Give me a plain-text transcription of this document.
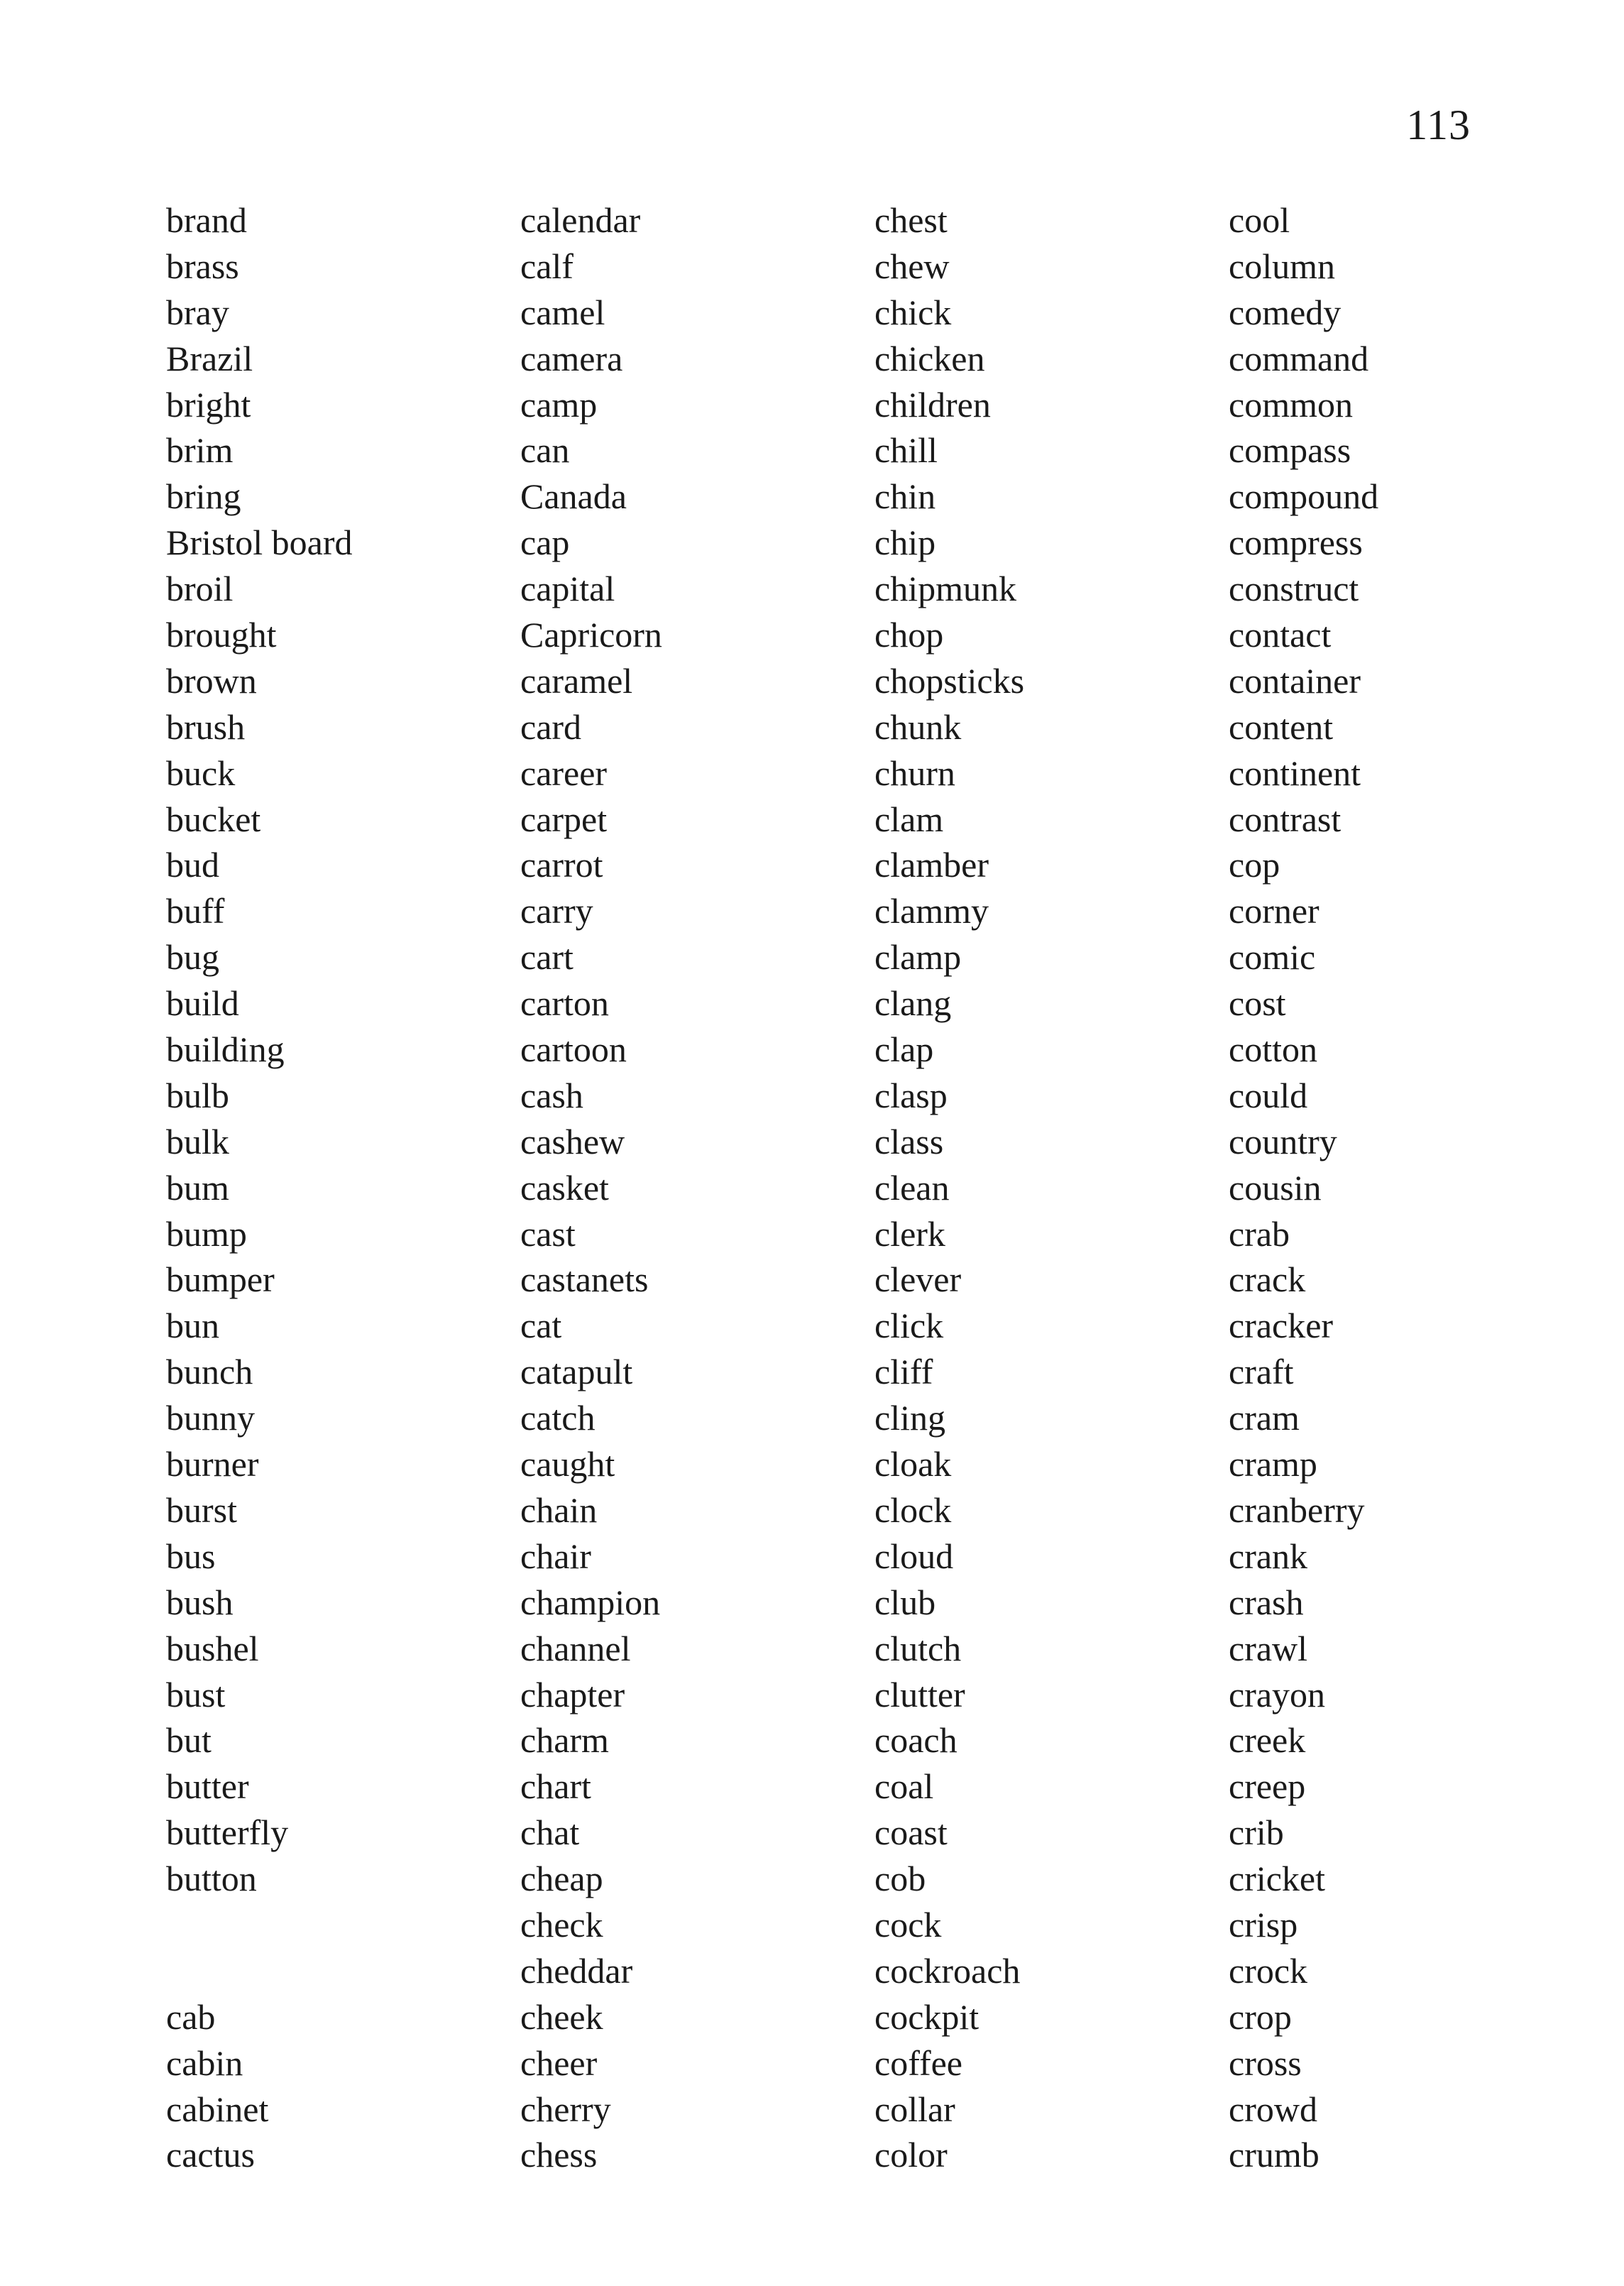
113
brand
brass
bray
Brazil
bright
brim
bring
Bristol board
broil
brought
brown
brush
buck
bucket
bud
buff
bug
build
building
bulb
bulk
bum
bump
bumper
bun
bunch
bunny
burner
burst
bus
bush
bushel
bust
but
butter
butterfly
button
cab
cabin
cabinet
cactus
calendar
calf
camel
camera
camp
can
Canada
cap
capital
Capricorn
caramel
card
career
carpet
carrot
carry
cart
carton
cartoon
cash
cashew
casket
cast
castanets
cat
catapult
catch
caught
chain
chair
champion
channel
chapter
charm
chart
chat
cheap
check
cheddar
cheek
cheer
cherry
chess
chest
chew
chick
chicken
children
chill
chin
chip
chipmunk
chop
chopsticks
chunk
churn
clam
clamber
clammy
clamp
clang
clap
clasp
class
clean
clerk
clever
click
cliff
cling
cloak
clock
cloud
club
clutch
clutter
coach
coal
coast
cob
cock
cockroach
cockpit
coffee
collar
color
cool
column
comedy
command
common
compass
compound
compress
construct
contact
container
content
continent
contrast
cop
corner
comic
cost
cotton
could
country
cousin
crab
crack
cracker
craft
cram
cramp
cranberry
crank
crash
crawl
crayon
creek
creep
crib
cricket
crisp
crock
crop
cross
crowd
crumb
